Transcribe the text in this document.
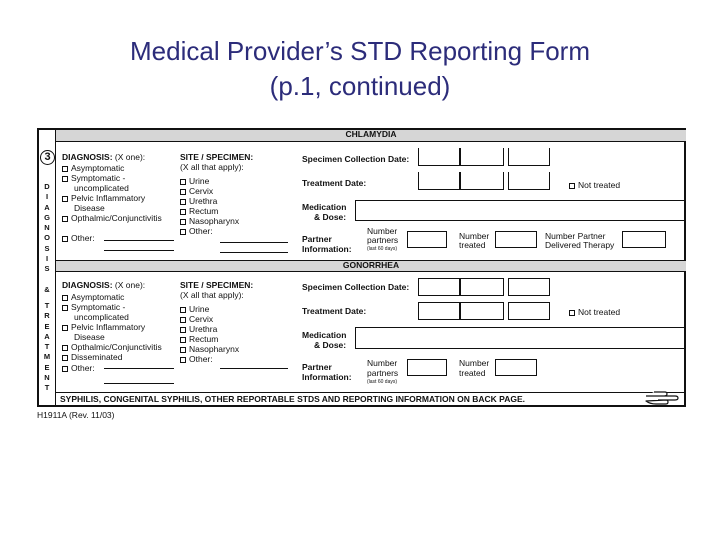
Medical Provider’s STD Reporting Form
(p.1, continued)
3
D
I
A
G
N
O
S
I
S
&
T
R
E
A
T
M
E
N
T
CHLAMYDIA
DIAGNOSIS: (X one):
Asymptomatic
Symptomatic -
uncomplicated
Pelvic Inflammatory
Disease
Opthalmic/Conjunctivitis
Other:
SITE / SPECIMEN:
(X all that apply):
Urine
Cervix
Urethra
Rectum
Nasopharynx
Other:
Specimen Collection Date:
Treatment Date:	Not treated
Medication
& Dose:
Partner
Information:
Number
partners
(last 60 days)
Number
treated
Number Partner
Delivered Therapy
GONORRHEA
DIAGNOSIS: (X one):
Asymptomatic
Symptomatic -
uncomplicated
Pelvic Inflammatory
Disease
Opthalmic/Conjunctivitis
Disseminated
Other:
SITE / SPECIMEN:
(X all that apply):
Urine
Cervix
Urethra
Rectum
Nasopharynx
Other:
Specimen Collection Date:
Treatment Date:	Not treated
Medication
& Dose:
Partner
Information:
Number
partners
(last 60 days)
Number
treated
SYPHILIS, CONGENITAL SYPHILIS, OTHER REPORTABLE STDS AND REPORTING INFORMATION ON BACK PAGE.
H1911A (Rev. 11/03)
